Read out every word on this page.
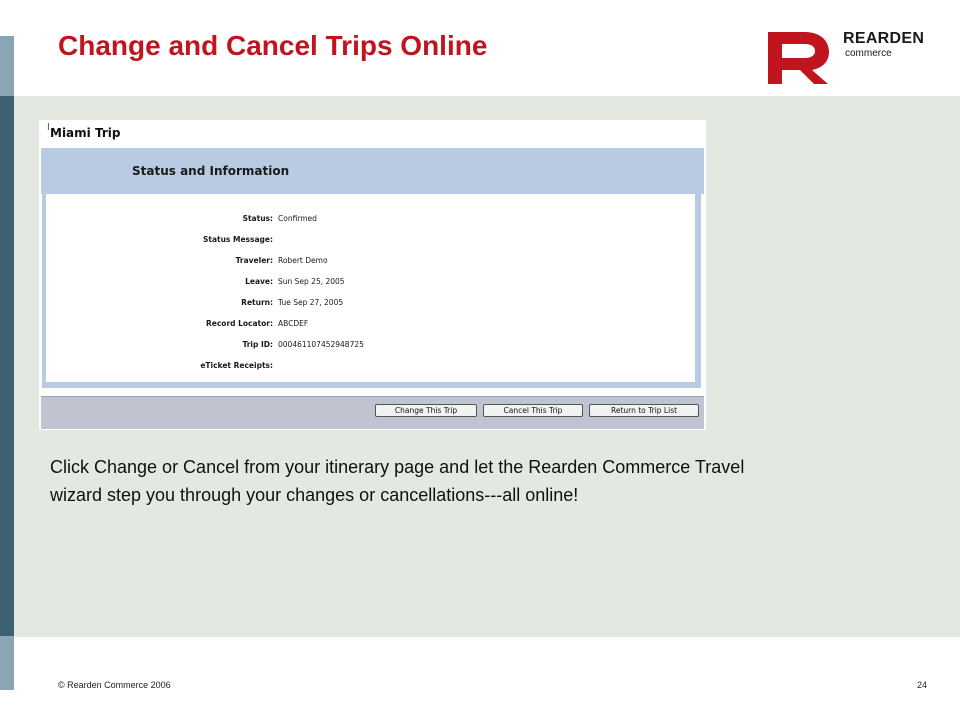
Change and Cancel Trips Online	REARDEN
commerce
I Miami Trip
Status and Information
Status: Confirmed
Status Message:
Traveler: Robert Demo
Leave: Sun Sep 25, 2005
Return: Tue Sep 27, 2005
Record Locator: ABCDEF
Trip ID: 000461107452948725
eTicket Receipts:
Change This Trip	Cancel This Trip	Return to Trip List

Click Change or Cancel from your itinerary page and let the Rearden Commerce Travel wizard step you through your changes or cancellations---all online!

© Rearden Commerce 2006	24
